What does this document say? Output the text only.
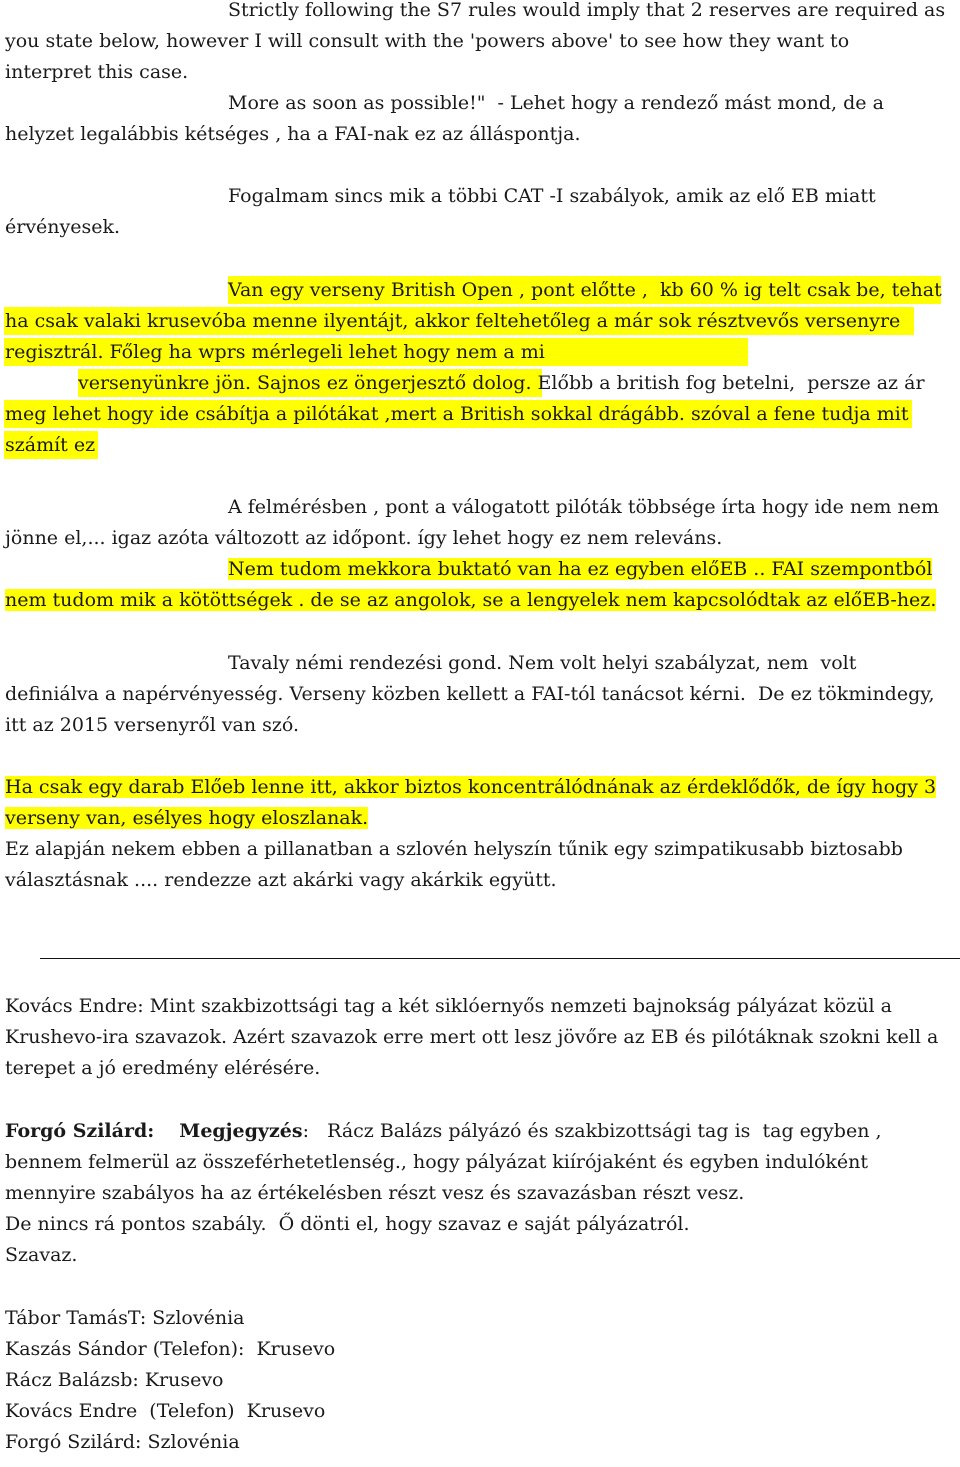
Strictly following the S7 rules would imply that 2 reserves are required as
you state below, however I will consult with the 'powers above' to see how they want to
interpret this case.
More as soon as possible!"  - Lehet hogy a rendező mást mond, de a
helyzet legalábbis kétséges , ha a FAI-nak ez az álláspontja.
Fogalmam sincs mik a többi CAT -I szabályok, amik az elő EB miatt
érvényesek.
Van egy verseny British Open , pont előtte ,  kb 60 % ig telt csak be, tehat
ha csak valaki krusevóba menne ilyentájt, akkor feltehetőleg a már sok résztvevős versenyre
regisztrál. Főleg ha wprs mérlegeli lehet hogy nem a mi
versenyünkre jön. Sajnos ez öngerjesztő dolog. Előbb a british fog betelni,  persze az ár
meg lehet hogy ide csábítja a pilótákat ,mert a British sokkal drágább. szóval a fene tudja mit
számít ez
A felmérésben , pont a válogatott pilóták többsége írta hogy ide nem nem
jönne el,... igaz azóta változott az időpont. így lehet hogy ez nem releváns.
Nem tudom mekkora buktató van ha ez egyben előEB .. FAI szempontból
nem tudom mik a kötöttségek . de se az angolok, se a lengyelek nem kapcsolódtak az előEB-hez.
Tavaly némi rendezési gond. Nem volt helyi szabályzat, nem  volt
definiálva a napérvényesség. Verseny közben kellett a FAI-tól tanácsot kérni.  De ez tökmindegy,
itt az 2015 versenyről van szó.
Ha csak egy darab Előeb lenne itt, akkor biztos koncentrálódnának az érdeklődők, de így hogy 3
verseny van, esélyes hogy eloszlanak.
Ez alapján nekem ebben a pillanatban a szlovén helyszín tűnik egy szimpatikusabb biztosabb
választásnak .... rendezze azt akárki vagy akárkik együtt.
Kovács Endre: Mint szakbizottsági tag a két siklóernyős nemzeti bajnokság pályázat közül a
Krushevo-ira szavazok. Azért szavazok erre mert ott lesz jövőre az EB és pilótáknak szokni kell a
terepet a jó eredmény elérésére.
Forgó Szilárd: Megjegyzés:   Rácz Balázs pályázó és szakbizottsági tag is  tag egyben ,
bennem felmerül az összeférhetetlenség., hogy pályázat kiírójaként és egyben indulóként
mennyire szabályos ha az értékelésben részt vesz és szavazásban részt vesz.
De nincs rá pontos szabály.  Ő dönti el, hogy szavaz e saját pályázatról.
Szavaz.
Tábor TamásT: Szlovénia
Kaszás Sándor (Telefon):  Krusevo
Rácz Balázsb: Krusevo
Kovács Endre  (Telefon)  Krusevo
Forgó Szilárd: Szlovénia
